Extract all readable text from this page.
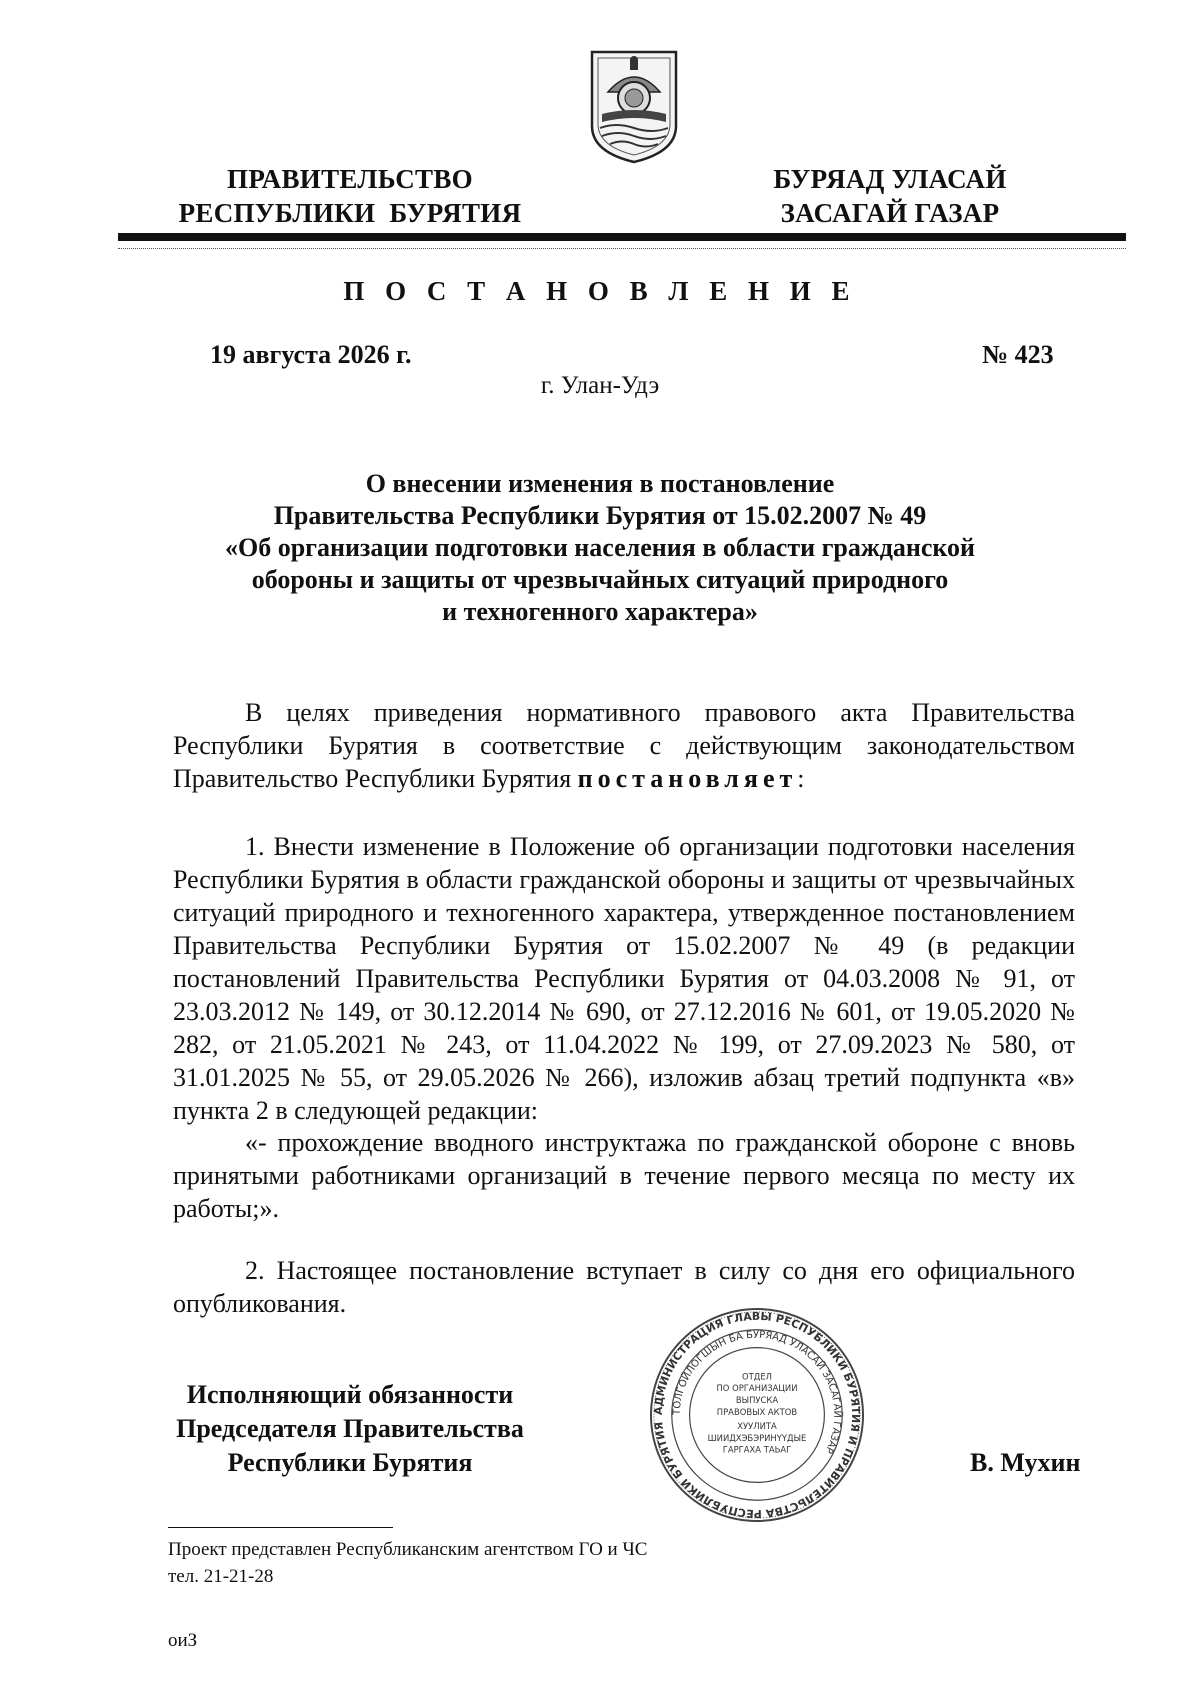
ПРАВИТЕЛЬСТВО
РЕСПУБЛИКИ  БУРЯТИЯ
БУРЯАД УЛАСАЙ
ЗАСАГАЙ ГАЗАР
П О С Т А Н О В Л Е Н И Е
19 августа 2026 г.	№ 423
г. Улан-Удэ
О внесении изменения в постановление
Правительства Республики Бурятия от 15.02.2007 № 49
«Об организации подготовки населения в области гражданской
обороны и защиты от чрезвычайных ситуаций природного
и техногенного характера»

В целях приведения нормативного правового акта Правительства Республики Бурятия в соответствие с действующим законодательством Правительство Республики Бурятия постановляет:

1. Внести изменение в Положение об организации подготовки населения Республики Бурятия в области гражданской обороны и защиты от чрезвычайных ситуаций природного и техногенного характера, утвержденное постановлением Правительства Республики Бурятия от 15.02.2007 № 49 (в редакции постановлений Правительства Республики Бурятия от 04.03.2008 № 91, от 23.03.2012 № 149, от 30.12.2014 № 690, от 27.12.2016 № 601, от 19.05.2020 № 282, от 21.05.2021 № 243, от 11.04.2022 № 199, от 27.09.2023 № 580, от 31.01.2025 № 55, от 29.05.2026 № 266), изложив абзац третий подпункта «в» пункта 2 в следующей редакции:

«- прохождение вводного инструктажа по гражданской обороне с вновь принятыми работниками организаций в течение первого месяца по месту их работы;».

2. Настоящее постановление вступает в силу со дня его официального опубликования.

Исполняющий обязанности
Председателя Правительства
Республики Бурятия	В. Мухин
АДМИНИСТРАЦИЯ ГЛАВЫ РЕСПУБЛИКИ БУРЯТИЯ И ПРАВИТЕЛЬСТВА РЕСПУБЛИКИ БУРЯТИЯ
ТОЛГОЙЛОГШЫН БА БУРЯАД УЛАСАЙ ЗАСАГАЙ ГАЗАР
ОТДЕЛ
ПО ОРГАНИЗАЦИИ
ВЫПУСКА
ПРАВОВЫХ АКТОВ
ХУУЛИТА
ШИИДХЭБЭРИНҮҮДЫЕ
ГАРГАХА ТАЬАГ
Проект представлен Республиканским агентством ГО и ЧС
тел. 21-21-28
оиЗ
